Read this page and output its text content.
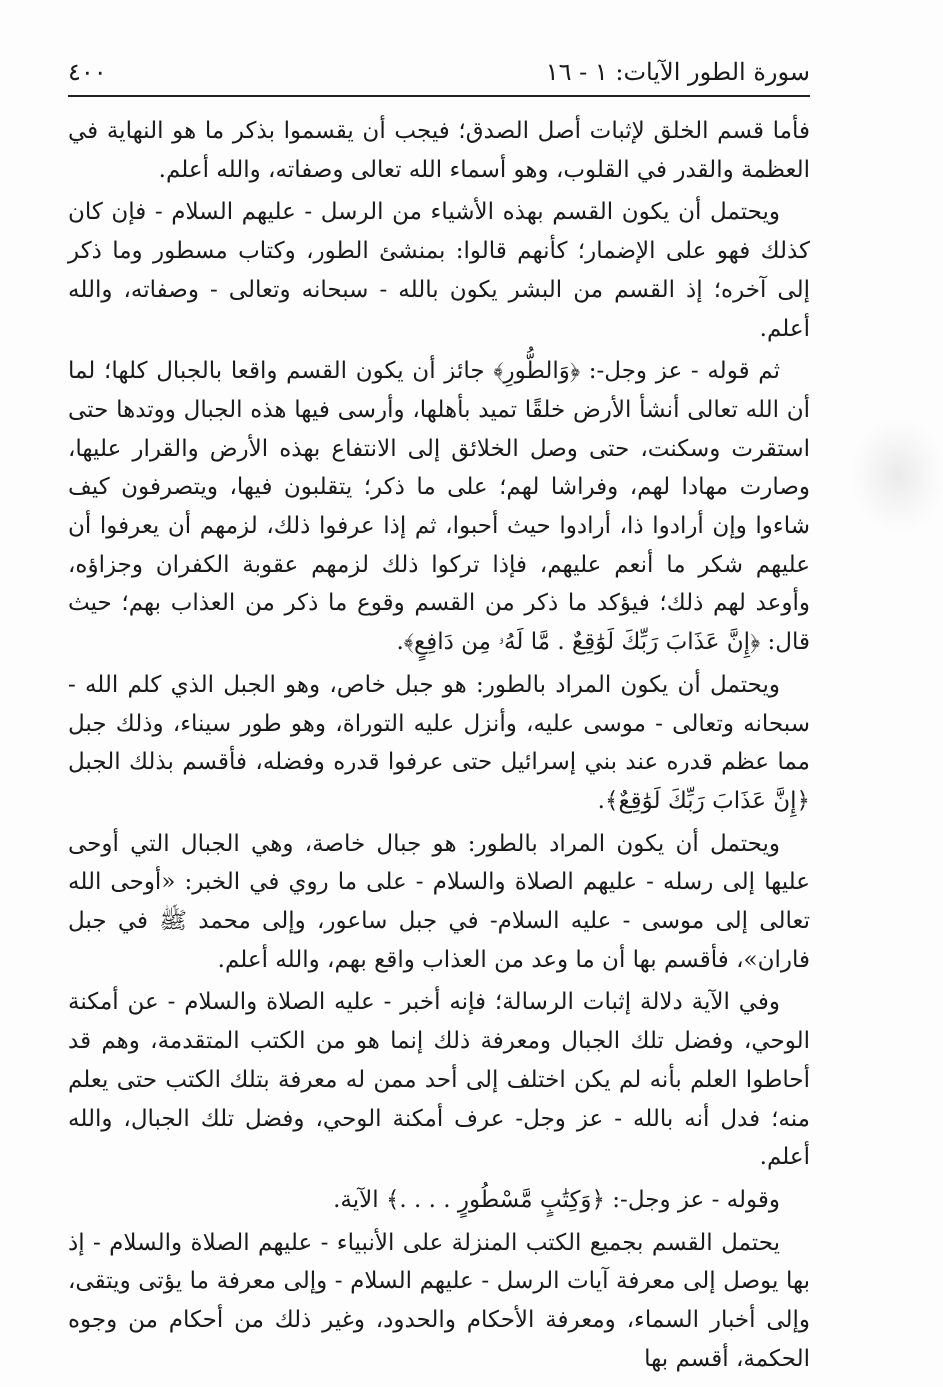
سورة الطور الآيات: ١ - ١٦
٤٠٠

فأما قسم الخلق لإثبات أصل الصدق؛ فيجب أن يقسموا بذكر ما هو النهاية في العظمة والقدر في القلوب، وهو أسماء الله تعالى وصفاته، والله أعلم.

ويحتمل أن يكون القسم بهذه الأشياء من الرسل - عليهم السلام - فإن كان كذلك فهو على الإضمار؛ كأنهم قالوا: بمنشئ الطور، وكتاب مسطور وما ذكر إلى آخره؛ إذ القسم من البشر يكون بالله - سبحانه وتعالى - وصفاته، والله أعلم.

ثم قوله - عز وجل-: ﴿وَالطُّورِ﴾ جائز أن يكون القسم واقعا بالجبال كلها؛ لما أن الله تعالى أنشأ الأرض خلقًا تميد بأهلها، وأرسى فيها هذه الجبال ووتدها حتى استقرت وسكنت، حتى وصل الخلائق إلى الانتفاع بهذه الأرض والقرار عليها، وصارت مهادا لهم، وفراشا لهم؛ على ما ذكر؛ يتقلبون فيها، ويتصرفون كيف شاءوا وإن أرادوا ذا، أرادوا حيث أحبوا، ثم إذا عرفوا ذلك، لزمهم أن يعرفوا أن عليهم شكر ما أنعم عليهم، فإذا تركوا ذلك لزمهم عقوبة الكفران وجزاؤه، وأوعد لهم ذلك؛ فيؤكد ما ذكر من القسم وقوع ما ذكر من العذاب بهم؛ حيث قال: ﴿إِنَّ عَذَابَ رَبِّكَ لَوَٰقِعٌ . مَّا لَهُۥ مِن دَافِعٍ﴾.

ويحتمل أن يكون المراد بالطور: هو جبل خاص، وهو الجبل الذي كلم الله - سبحانه وتعالى - موسى عليه، وأنزل عليه التوراة، وهو طور سيناء، وذلك جبل مما عظم قدره عند بني إسرائيل حتى عرفوا قدره وفضله، فأقسم بذلك الجبل ﴿إِنَّ عَذَابَ رَبِّكَ لَوَٰقِعٌ﴾.

ويحتمل أن يكون المراد بالطور: هو جبال خاصة، وهي الجبال التي أوحى عليها إلى رسله - عليهم الصلاة والسلام - على ما روي في الخبر: «أوحى الله تعالى إلى موسى - عليه السلام- في جبل ساعور، وإلى محمد ﷺ في جبل فاران»، فأقسم بها أن ما وعد من العذاب واقع بهم، والله أعلم.

وفي الآية دلالة إثبات الرسالة؛ فإنه أخبر - عليه الصلاة والسلام - عن أمكنة الوحي، وفضل تلك الجبال ومعرفة ذلك إنما هو من الكتب المتقدمة، وهم قد أحاطوا العلم بأنه لم يكن اختلف إلى أحد ممن له معرفة بتلك الكتب حتى يعلم منه؛ فدل أنه بالله - عز وجل- عرف أمكنة الوحي، وفضل تلك الجبال، والله أعلم.

وقوله - عز وجل-: ﴿وَكِتَٰبٍ مَّسْطُورٍ . . . .﴾ الآية.

يحتمل القسم بجميع الكتب المنزلة على الأنبياء - عليهم الصلاة والسلام - إذ بها يوصل إلى معرفة آيات الرسل - عليهم السلام - وإلى معرفة ما يؤتى ويتقى، وإلى أخبار السماء، ومعرفة الأحكام والحدود، وغير ذلك من أحكام من وجوه الحكمة، أقسم بها
